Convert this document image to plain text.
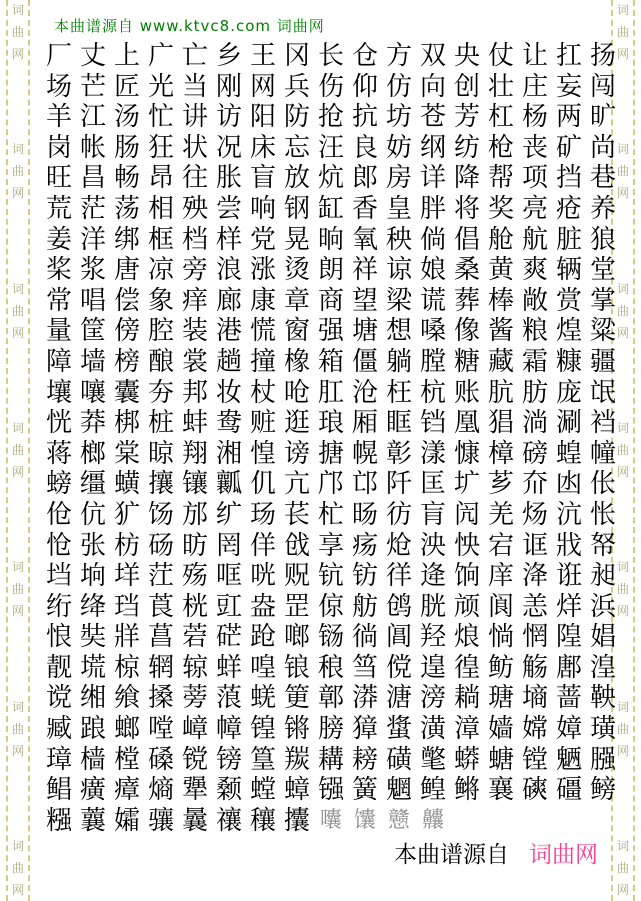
词
曲
网
词
曲
网
词
曲
网
词
曲
网
词
曲
网
词
曲
网
词
曲
网
词
曲
网
词
曲
网
词
曲
网
词
曲
网
词
曲
网
词
曲
网
词
曲
网
本曲谱源自 www.ktvc8.com 词曲网
厂 丈 上 广 亡 乡 王 冈 长 仓 方 双 央 仗 让 扛 扬
场 芒 匠 光 当 刚 网 兵 伤 仰 仿 向 创 壮 庄 妄 闯
羊 江 汤 忙 讲 访 阳 防 抢 抗 坊 苍 芳 杠 杨 两 旷
岗 帐 肠 狂 状 况 床 忘 汪 良 妨 纲 纺 枪 丧 矿 尚
旺 昌 畅 昂 往 胀 盲 放 炕 郎 房 详 降 帮 项 挡 巷
荒 茫 荡 相 殃 尝 响 钢 缸 香 皇 胖 将 奖 亮 疮 养
姜 洋 绑 框 档 样 党 晃 晌 氧 秧 倘 倡 舱 航 脏 狼
桨 浆 唐 凉 旁 浪 涨 烫 朗 祥 谅 娘 桑 黄 爽 辆 堂
常 唱 偿 象 痒 廊 康 章 商 望 梁 谎 葬 棒 敞 赏 掌
量 筐 傍 腔 装 港 慌 窗 强 塘 想 嗓 像 酱 粮 煌 粱
障 墙 榜 酿 裳 趟 撞 橡 箱 僵 躺 膛 糖 藏 霜 糠 疆
壤 嚷 囊 夯 邦 妆 杖 呛 肛 沧 枉 杭 账 肮 肪 庞 氓
恍 莽 梆 桩 蚌 鸯 赃 逛 琅 厢 眶 铛 凰 猖 淌 涮 裆
蒋 榔 棠 晾 翔 湘 惶 谤 搪 幌 彰 漾 慷 樟 磅 蝗 幢
螃 缰 蟥 攘 镶 瓤 仉 亢 邝 邙 阡 匡 圹 芗 夼 凼 伥
伧 伉 犷 饧 邡 纩 玚 苌 杧 旸 彷 肓 闶 羌 炀 沆 怅
怆 张 枋 砀 昉 罔 佯 戗 享 疡 炝 泱 怏 宕 诓 戕 帑
垱 垧 垟 茳 殇 哐 咣 贶 钪 钫 徉 逄 饷 庠 洚 诳 昶
绗 绛 珰 莨 桄 豇 盎 罡 倞 舫 鸧 胱 颃 阆 恙 烊 浜
悢 奘 牂 菖 菪 硭 跄 啷 铴 徜 阊 羟 烺 惝 惘 隍 娼
靓 塃 椋 辋 辌 蛘 喤 锒 稂 筜 傥 遑 徨 鲂 觞 鄌 湟
谠 缃 飨 搡 蒡 蒗 蜣 筻 鄣 漭 溏 滂 耥 瑭 墒 蔷 鞅
臧 踉 螂 嘡 嶂 幛 锽 锵 膀 獐 螀 潢 漳 嫱 嫦 嫜 璜
璋 樯 樘 磉 镋 镑 篁 羰 耩 耪 磺 氅 蟒 螗 镗 魉 膙
鲳 癀 瘴 熵 犟 颡 螳 蟑 镪 簧 魍 鳇 鳉 襄 磢 礓 鳑
糨 蘘 孀 骧 曩 禳 穰 攮 囔 馕 戆 齉
本曲谱源自 词曲网
